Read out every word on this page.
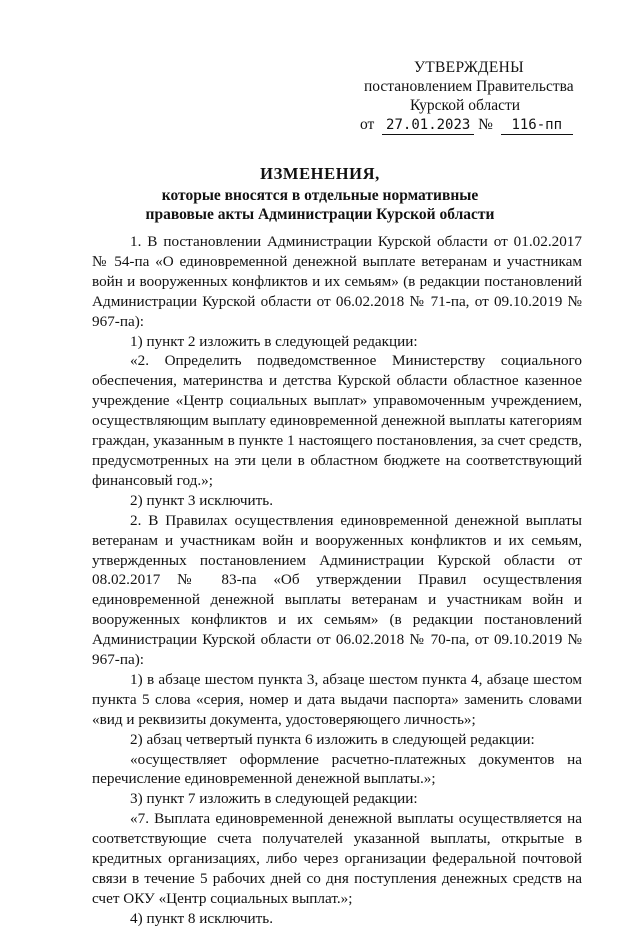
УТВЕРЖДЕНЫ
постановлением Правительства
Курской области
от 27.01.2023 № 116-пп
ИЗМЕНЕНИЯ,
которые вносятся в отдельные нормативные
правовые акты Администрации Курской области

1. В постановлении Администрации Курской области от 01.02.2017 № 54-па «О единовременной денежной выплате ветеранам и участникам войн и вооруженных конфликтов и их семьям» (в редакции постановлений Администрации Курской области от 06.02.2018 № 71-па, от 09.10.2019 № 967-па):

1) пункт 2 изложить в следующей редакции:

«2. Определить подведомственное Министерству социального обеспечения, материнства и детства Курской области областное казенное учреждение «Центр социальных выплат» управомоченным учреждением, осуществляющим выплату единовременной денежной выплаты категориям граждан, указанным в пункте 1 настоящего постановления, за счет средств, предусмотренных на эти цели в областном бюджете на соответствующий финансовый год.»;

2) пункт 3 исключить.

2. В Правилах осуществления единовременной денежной выплаты ветеранам и участникам войн и вооруженных конфликтов и их семьям, утвержденных постановлением Администрации Курской области от 08.02.2017 № 83-па «Об утверждении Правил осуществления единовременной денежной выплаты ветеранам и участникам войн и вооруженных конфликтов и их семьям» (в редакции постановлений Администрации Курской области от 06.02.2018 № 70-па, от 09.10.2019 № 967-па):

1) в абзаце шестом пункта 3, абзаце шестом пункта 4, абзаце шестом пункта 5 слова «серия, номер и дата выдачи паспорта» заменить словами «вид и реквизиты документа, удостоверяющего личность»;

2) абзац четвертый пункта 6 изложить в следующей редакции:

«осуществляет оформление расчетно-платежных документов на перечисление единовременной денежной выплаты.»;

3) пункт 7 изложить в следующей редакции:

«7. Выплата единовременной денежной выплаты осуществляется на соответствующие счета получателей указанной выплаты, открытые в кредитных организациях, либо через организации федеральной почтовой связи в течение 5 рабочих дней со дня поступления денежных средств на счет ОКУ «Центр социальных выплат.»;

4) пункт 8 исключить.
